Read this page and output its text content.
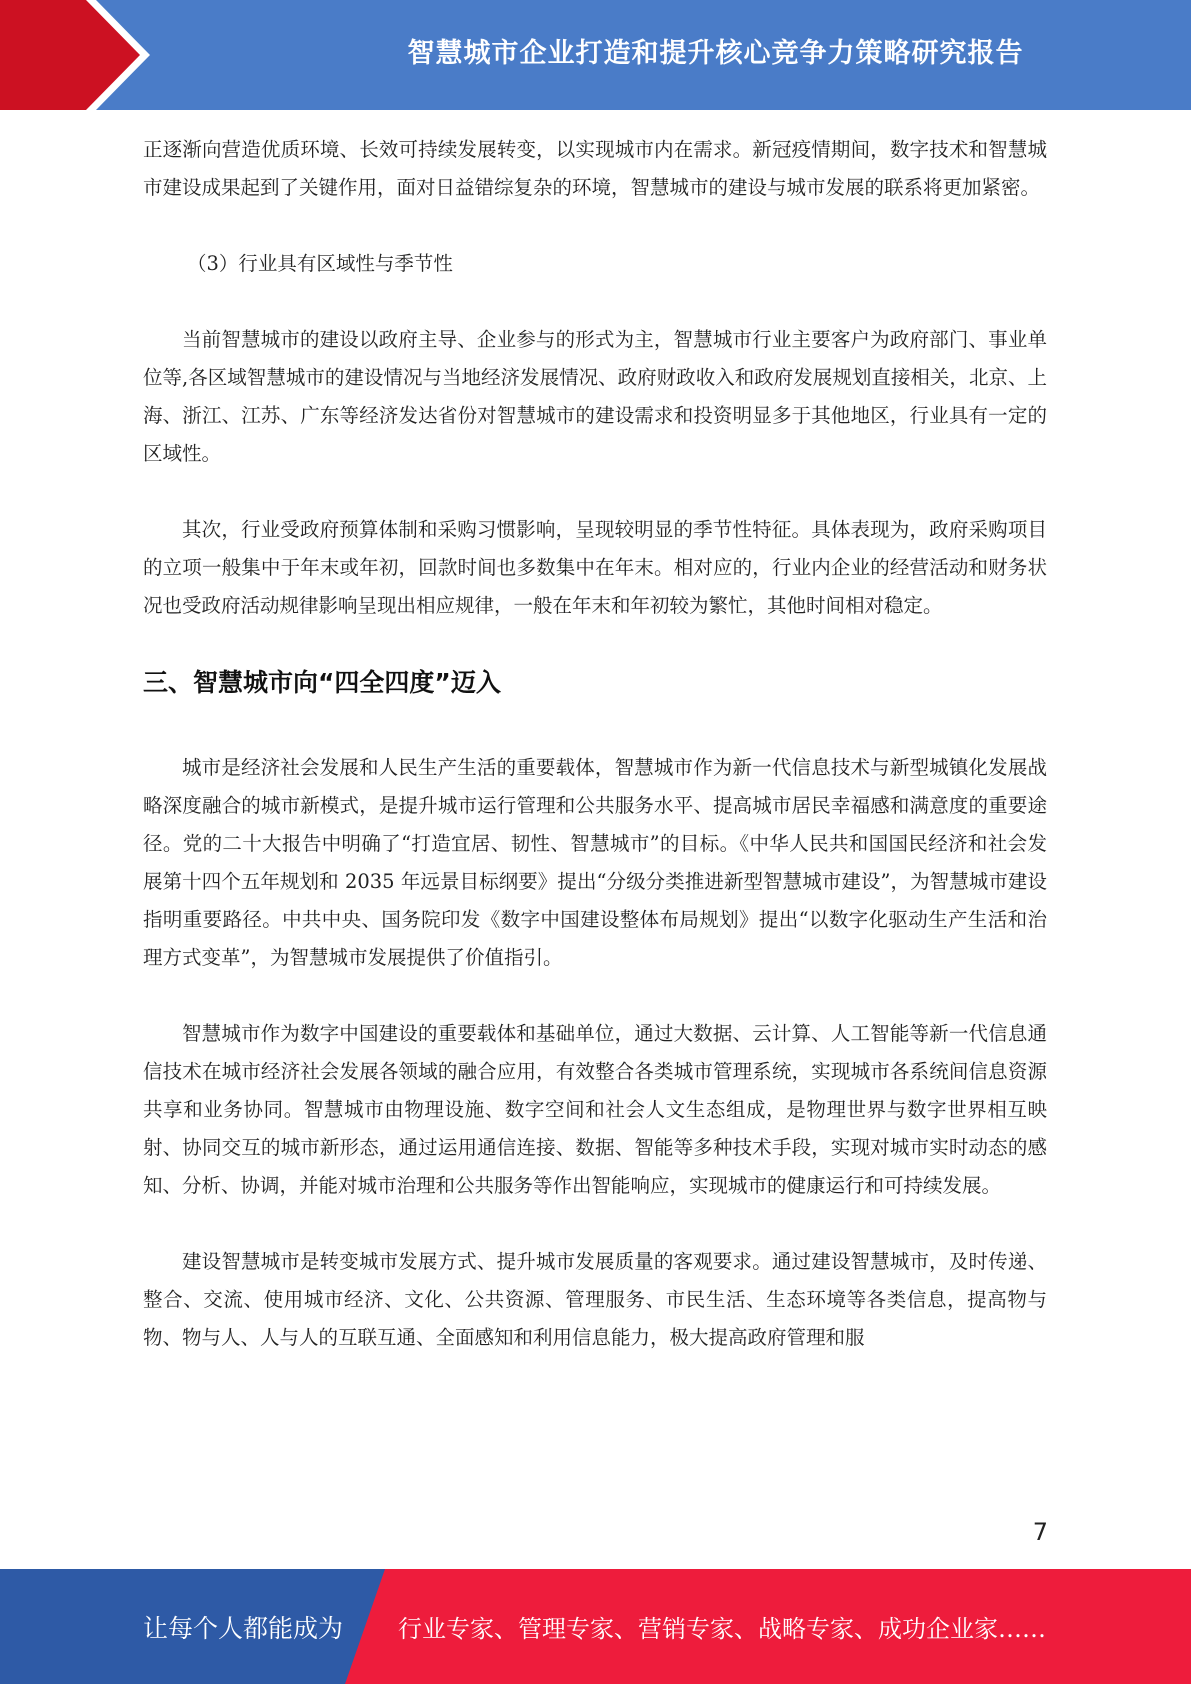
智慧城市企业打造和提升核心竞争力策略研究报告

正逐渐向营造优质环境、长效可持续发展转变，以实现城市内在需求。新冠疫情期间，数字技术和智慧城市建设成果起到了关键作用，面对日益错综复杂的环境，智慧城市的建设与城市发展的联系将更加紧密。

（3）行业具有区域性与季节性

当前智慧城市的建设以政府主导、企业参与的形式为主，智慧城市行业主要客户为政府部门、事业单位等,各区域智慧城市的建设情况与当地经济发展情况、政府财政收入和政府发展规划直接相关，北京、上海、浙江、江苏、广东等经济发达省份对智慧城市的建设需求和投资明显多于其他地区，行业具有一定的区域性。

其次，行业受政府预算体制和采购习惯影响，呈现较明显的季节性特征。具体表现为，政府采购项目的立项一般集中于年末或年初，回款时间也多数集中在年末。相对应的，行业内企业的经营活动和财务状况也受政府活动规律影响呈现出相应规律，一般在年末和年初较为繁忙，其他时间相对稳定。

三、智慧城市向“四全四度”迈入

城市是经济社会发展和人民生产生活的重要载体，智慧城市作为新一代信息技术与新型城镇化发展战略深度融合的城市新模式，是提升城市运行管理和公共服务水平、提高城市居民幸福感和满意度的重要途径。党的二十大报告中明确了“打造宜居、韧性、智慧城市”的目标。《中华人民共和国国民经济和社会发展第十四个五年规划和 2035 年远景目标纲要》提出“分级分类推进新型智慧城市建设”，为智慧城市建设指明重要路径。中共中央、国务院印发《数字中国建设整体布局规划》提出“以数字化驱动生产生活和治理方式变革”，为智慧城市发展提供了价值指引。

智慧城市作为数字中国建设的重要载体和基础单位，通过大数据、云计算、人工智能等新一代信息通信技术在城市经济社会发展各领域的融合应用，有效整合各类城市管理系统，实现城市各系统间信息资源共享和业务协同。智慧城市由物理设施、数字空间和社会人文生态组成，是物理世界与数字世界相互映射、协同交互的城市新形态，通过运用通信连接、数据、智能等多种技术手段，实现对城市实时动态的感知、分析、协调，并能对城市治理和公共服务等作出智能响应，实现城市的健康运行和可持续发展。

建设智慧城市是转变城市发展方式、提升城市发展质量的客观要求。通过建设智慧城市，及时传递、整合、交流、使用城市经济、文化、公共资源、管理服务、市民生活、生态环境等各类信息，提高物与物、物与人、人与人的互联互通、全面感知和利用信息能力，极大提高政府管理和服

7
让每个人都能成为 行业专家、管理专家、营销专家、战略专家、成功企业家……
